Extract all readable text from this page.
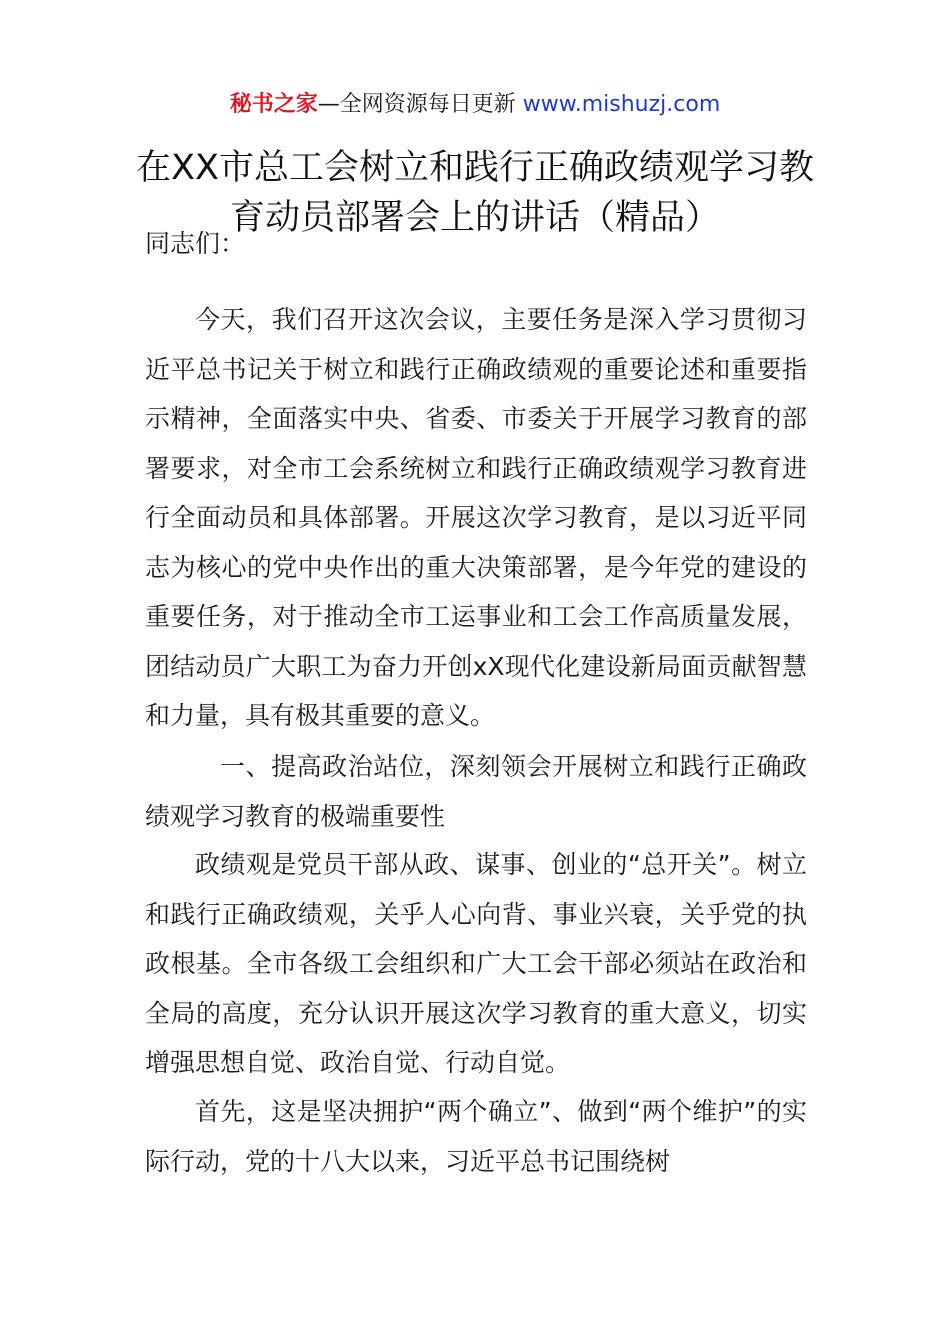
秘书之家—全网资源每日更新 www.mishuzj.com
在XX市总工会树立和践行正确政绩观学习教育动员部署会上的讲话（精品）

同志们：

今天，我们召开这次会议，主要任务是深入学习贯彻习近平总书记关于树立和践行正确政绩观的重要论述和重要指示精神，全面落实中央、省委、市委关于开展学习教育的部署要求，对全市工会系统树立和践行正确政绩观学习教育进行全面动员和具体部署。开展这次学习教育，是以习近平同志为核心的党中央作出的重大决策部署，是今年党的建设的重要任务，对于推动全市工运事业和工会工作高质量发展，团结动员广大职工为奋力开创xX现代化建设新局面贡献智慧和力量，具有极其重要的意义。

一、提高政治站位，深刻领会开展树立和践行正确政绩观学习教育的极端重要性

政绩观是党员干部从政、谋事、创业的“总开关”。树立和践行正确政绩观，关乎人心向背、事业兴衰，关乎党的执政根基。全市各级工会组织和广大工会干部必须站在政治和全局的高度，充分认识开展这次学习教育的重大意义，切实增强思想自觉、政治自觉、行动自觉。

首先，这是坚决拥护“两个确立”、做到“两个维护”的实际行动，党的十八大以来，习近平总书记围绕树
